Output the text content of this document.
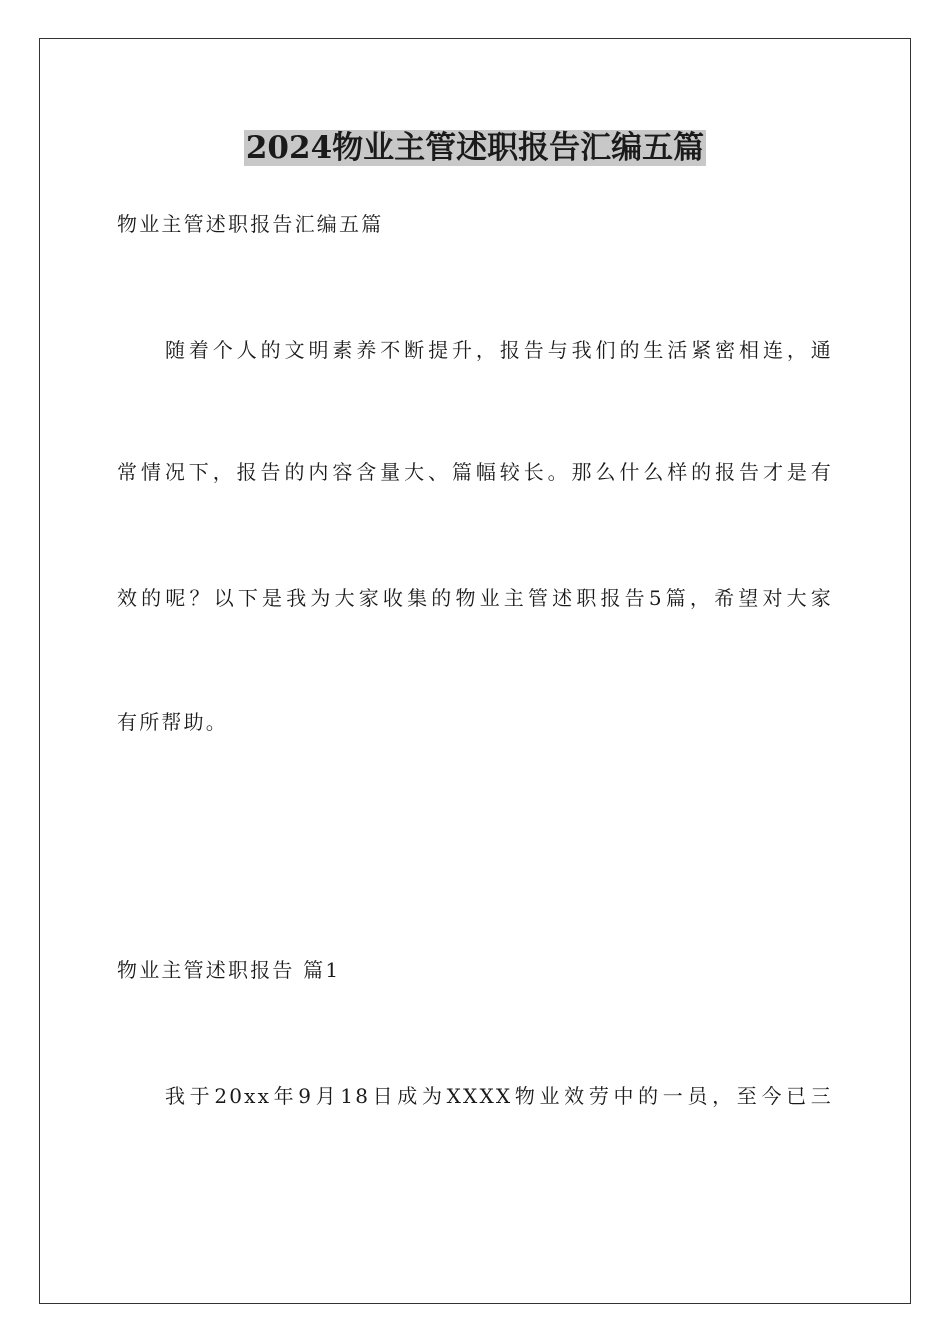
2024物业主管述职报告汇编五篇

物业主管述职报告汇编五篇

随着个人的文明素养不断提升，报告与我们的生活紧密相连，通

常情况下，报告的内容含量大、篇幅较长。那么什么样的报告才是有

效的呢？以下是我为大家收集的物业主管述职报告5篇，希望对大家

有所帮助。

物业主管述职报告 篇1

我于20xx年9月18日成为XXXX物业效劳中的一员，至今已三
